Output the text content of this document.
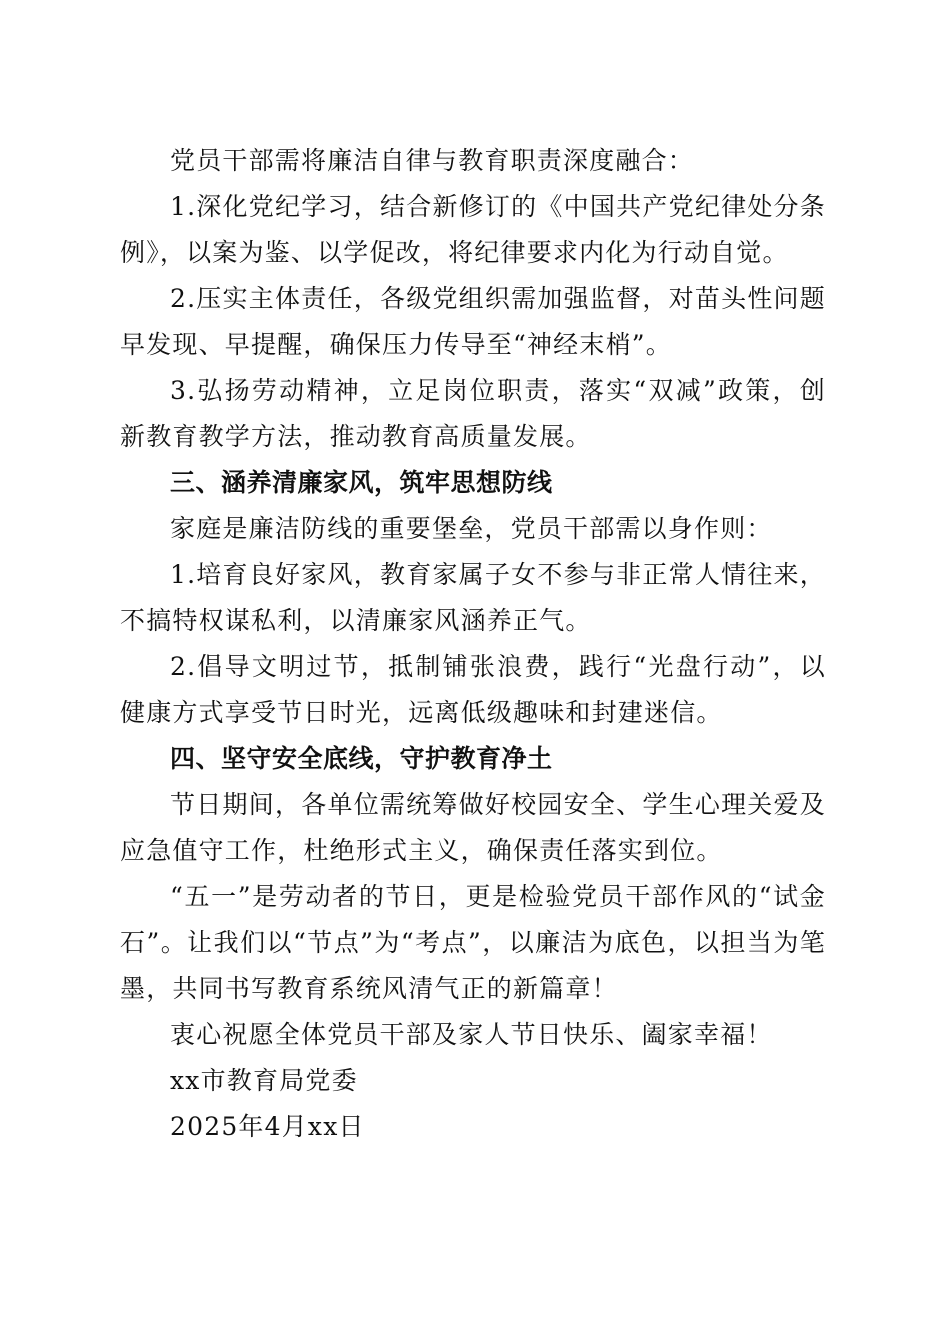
党员干部需将廉洁自律与教育职责深度融合：

1.深化党纪学习，结合新修订的《中国共产党纪律处分条例》，以案为鉴、以学促改，将纪律要求内化为行动自觉。

2.压实主体责任，各级党组织需加强监督，对苗头性问题早发现、早提醒，确保压力传导至“神经末梢”。

3.弘扬劳动精神，立足岗位职责，落实“双减”政策，创新教育教学方法，推动教育高质量发展。

三、涵养清廉家风，筑牢思想防线

家庭是廉洁防线的重要堡垒，党员干部需以身作则：

1.培育良好家风，教育家属子女不参与非正常人情往来，不搞特权谋私利，以清廉家风涵养正气。

2.倡导文明过节，抵制铺张浪费，践行“光盘行动”，以健康方式享受节日时光，远离低级趣味和封建迷信。

四、坚守安全底线，守护教育净土

节日期间，各单位需统筹做好校园安全、学生心理关爱及应急值守工作，杜绝形式主义，确保责任落实到位。

“五一”是劳动者的节日，更是检验党员干部作风的“试金石”。让我们以“节点”为“考点”，以廉洁为底色，以担当为笔墨，共同书写教育系统风清气正的新篇章！

衷心祝愿全体党员干部及家人节日快乐、阖家幸福！

xx市教育局党委

2025年4月xx日
